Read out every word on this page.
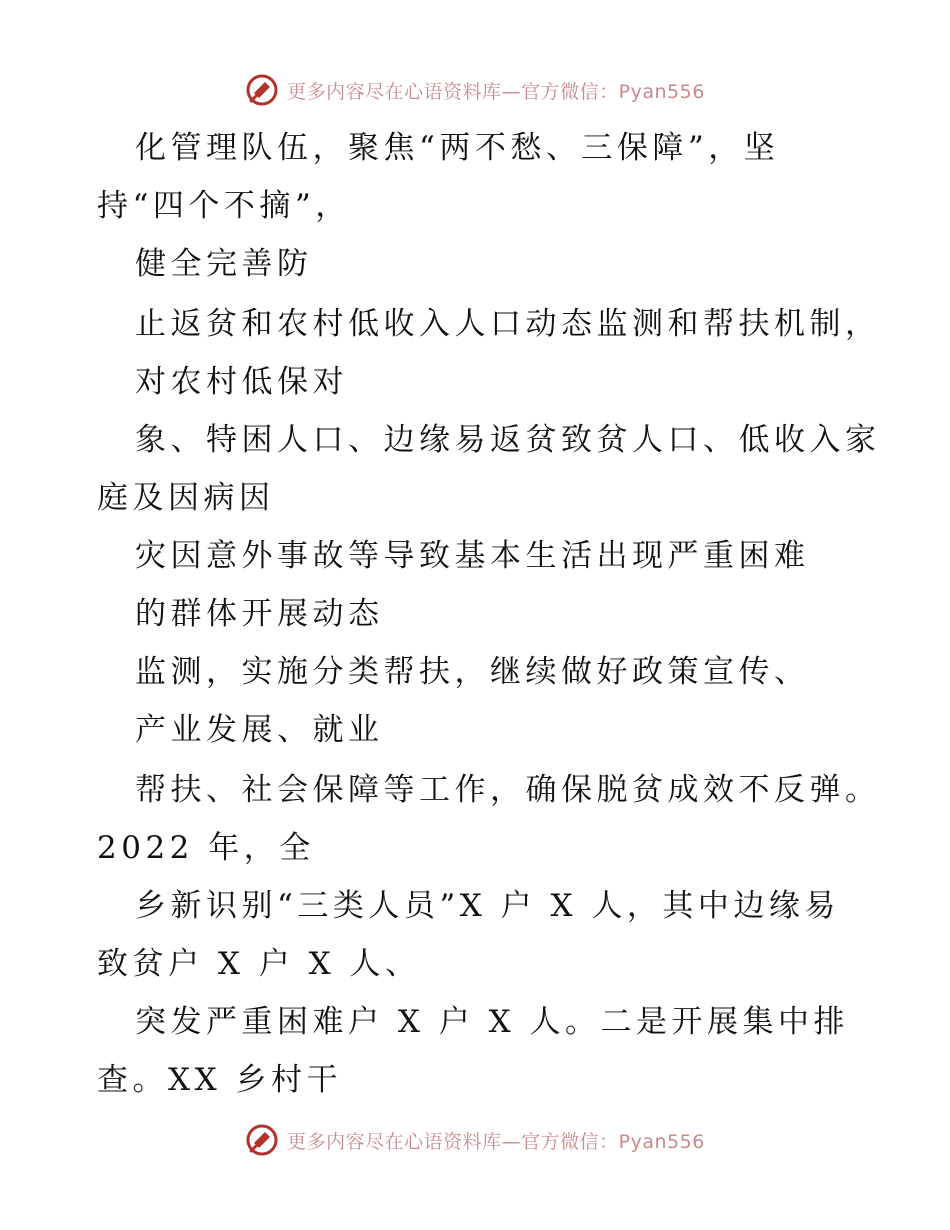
更多内容尽在心语资料库—官方微信：Pyan556
化管理队伍，聚焦“两不愁、三保障”，坚
持“四个不摘”，
健全完善防
止返贫和农村低收入人口动态监测和帮扶机制，
对农村低保对
象、特困人口、边缘易返贫致贫人口、低收入家
庭及因病因
灾因意外事故等导致基本生活出现严重困难
的群体开展动态
监测，实施分类帮扶，继续做好政策宣传、
产业发展、就业
帮扶、社会保障等工作，确保脱贫成效不反弹。
2022 年，全
乡新识别“三类人员”X 户 X 人，其中边缘易
致贫户 X 户 X 人、
突发严重困难户 X 户 X 人。二是开展集中排
查。XX 乡村干
更多内容尽在心语资料库—官方微信：Pyan556
